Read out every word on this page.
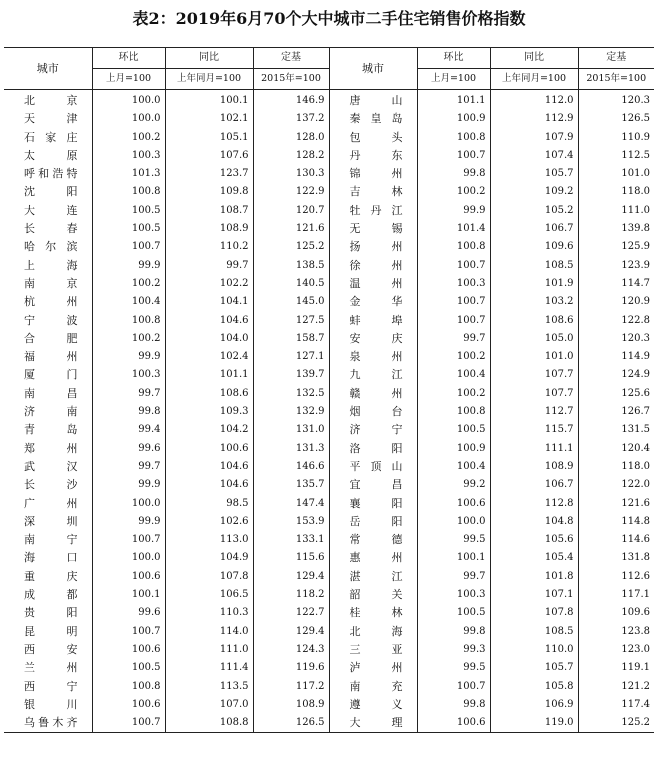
表2：2019年6月70个大中城市二手住宅销售价格指数
城市	环比	同比	定基	城市	环比	同比	定基
	上月=100	上年同月=100	2015年=100		上月=100	上年同月=100	2015年=100
北　京	100.0	100.1	146.9	唐　山	101.1	112.0	120.3
天　津	100.0	102.1	137.2	秦皇岛	100.9	112.9	126.5
石家庄	100.2	105.1	128.0	包　头	100.8	107.9	110.9
太　原	100.3	107.6	128.2	丹　东	100.7	107.4	112.5
呼和浩特	101.3	123.7	130.3	锦　州	99.8	105.7	101.0
沈　阳	100.8	109.8	122.9	吉　林	100.2	109.2	118.0
大　连	100.5	108.7	120.7	牡丹江	99.9	105.2	111.0
长　春	100.5	108.9	121.6	无　锡	101.4	106.7	139.8
哈尔滨	100.7	110.2	125.2	扬　州	100.8	109.6	125.9
上　海	99.9	99.7	138.5	徐　州	100.7	108.5	123.9
南　京	100.2	102.2	140.5	温　州	100.3	101.9	114.7
杭　州	100.4	104.1	145.0	金　华	100.7	103.2	120.9
宁　波	100.8	104.6	127.5	蚌　埠	100.7	108.6	122.8
合　肥	100.2	104.0	158.7	安　庆	99.7	105.0	120.3
福　州	99.9	102.4	127.1	泉　州	100.2	101.0	114.9
厦　门	100.3	101.1	139.7	九　江	100.4	107.7	124.9
南　昌	99.7	108.6	132.5	赣　州	100.2	107.7	125.6
济　南	99.8	109.3	132.9	烟　台	100.8	112.7	126.7
青　岛	99.4	104.2	131.0	济　宁	100.5	115.7	131.5
郑　州	99.6	100.6	131.3	洛　阳	100.9	111.1	120.4
武　汉	99.7	104.6	146.6	平顶山	100.4	108.9	118.0
长　沙	99.9	104.6	135.7	宜　昌	99.2	106.7	122.0
广　州	100.0	98.5	147.4	襄　阳	100.6	112.8	121.6
深　圳	99.9	102.6	153.9	岳　阳	100.0	104.8	114.8
南　宁	100.7	113.0	133.1	常　德	99.5	105.6	114.6
海　口	100.0	104.9	115.6	惠　州	100.1	105.4	131.8
重　庆	100.6	107.8	129.4	湛　江	99.7	101.8	112.6
成　都	100.1	106.5	118.2	韶　关	100.3	107.1	117.1
贵　阳	99.6	110.3	122.7	桂　林	100.5	107.8	109.6
昆　明	100.7	114.0	129.4	北　海	99.8	108.5	123.8
西　安	100.6	111.0	124.3	三　亚	99.3	110.0	123.0
兰　州	100.5	111.4	119.6	泸　州	99.5	105.7	119.1
西　宁	100.8	113.5	117.2	南　充	100.7	105.8	121.2
银　川	100.6	107.0	108.9	遵　义	99.8	106.9	117.4
乌鲁木齐	100.7	108.8	126.5	大　理	100.6	119.0	125.2
